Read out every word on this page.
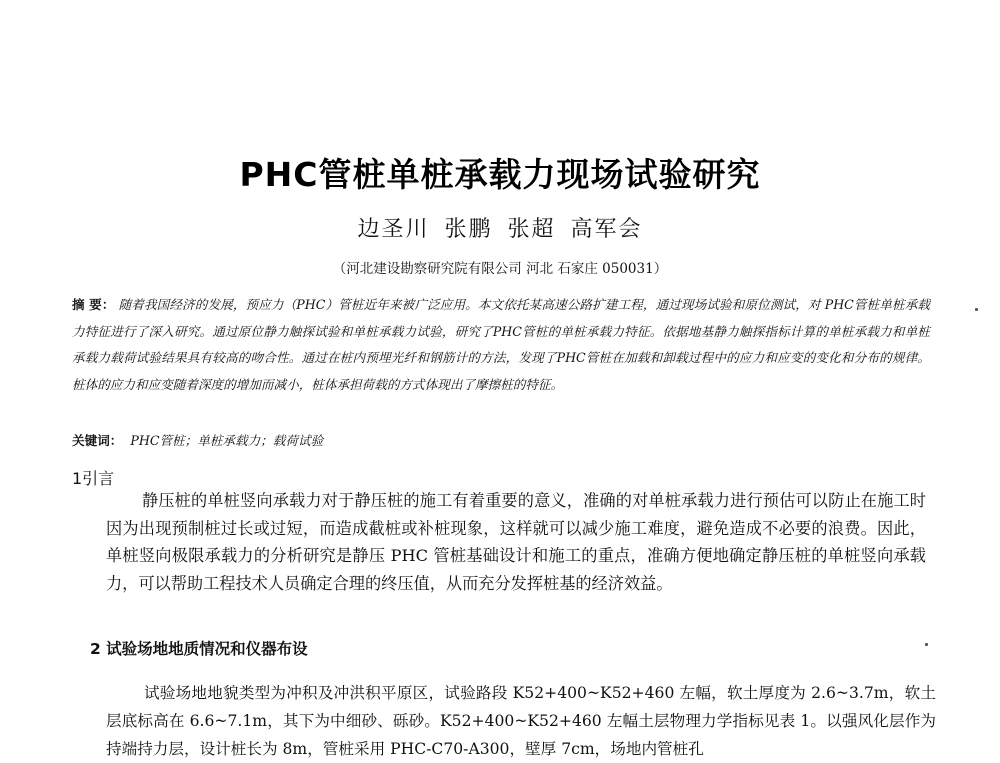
PHC管桩单桩承载力现场试验研究
边圣川 张鹏 张超 高军会
（河北建设勘察研究院有限公司 河北 石家庄 050031）
摘 要： 随着我国经济的发展，预应力（PHC）管桩近年来被广泛应用。本文依托某高速公路扩建工程，通过现场试验和原位测试，对 PHC管桩单桩承载力特征进行了深入研究。通过原位静力触探试验和单桩承载力试验，研究了PHC管桩的单桩承载力特征。依据地基静力触探指标计算的单桩承载力和单桩承载力载荷试验结果具有较高的吻合性。通过在桩内预埋光纤和钢筋计的方法，发现了PHC管桩在加载和卸载过程中的应力和应变的变化和分布的规律。桩体的应力和应变随着深度的增加而减小，桩体承担荷载的方式体现出了摩擦桩的特征。
关键词： PHC管桩；单桩承载力；载荷试验
1引言
静压桩的单桩竖向承载力对于静压桩的施工有着重要的意义，准确的对单桩承载力进行预估可以防止在施工时因为出现预制桩过长或过短，而造成截桩或补桩现象，这样就可以减少施工难度，避免造成不必要的浪费。因此，单桩竖向极限承载力的分析研究是静压 PHC 管桩基础设计和施工的重点，准确方便地确定静压桩的单桩竖向承载力，可以帮助工程技术人员确定合理的终压值，从而充分发挥桩基的经济效益。
2 试验场地地质情况和仪器布设
试验场地地貌类型为冲积及冲洪积平原区，试验路段 K52+400~K52+460 左幅，软土厚度为 2.6~3.7m，软土层底标高在 6.6~7.1m，其下为中细砂、砾砂。K52+400~K52+460 左幅土层物理力学指标见表 1。以强风化层作为持端持力层，设计桩长为 8m，管桩采用 PHC-C70-A300，壁厚 7cm，场地内管桩孔
